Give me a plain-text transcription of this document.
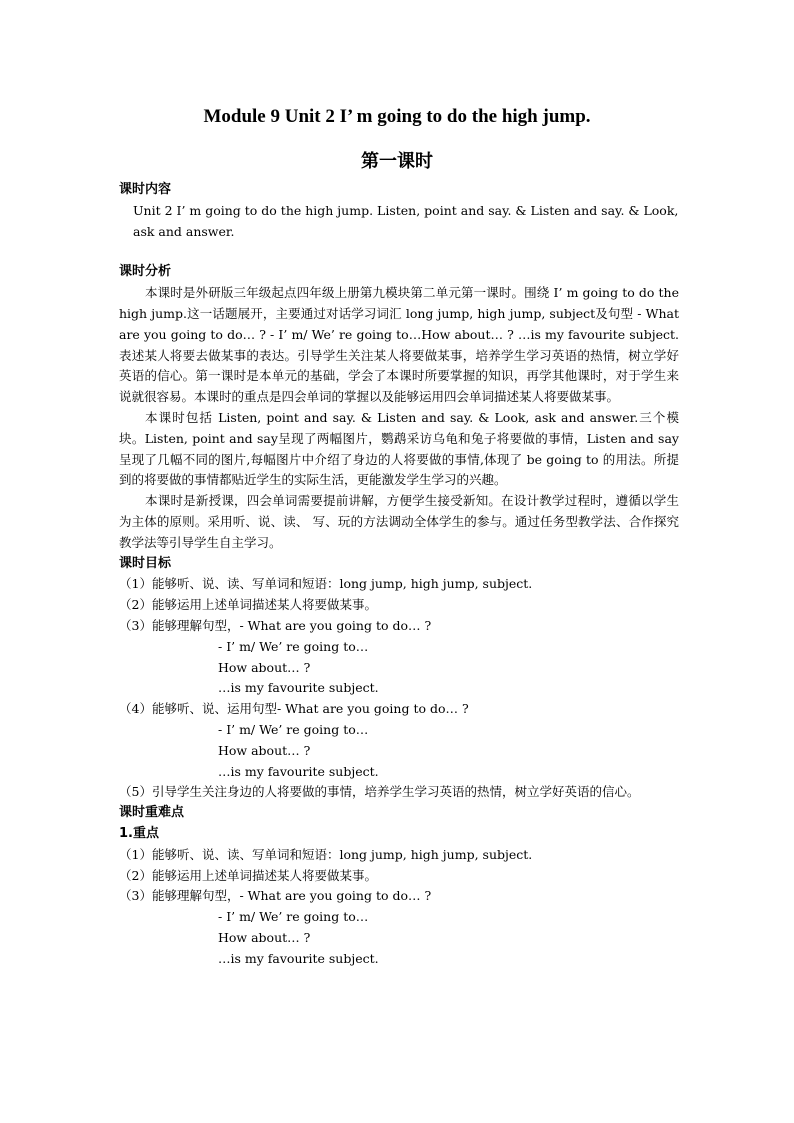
Module 9 Unit 2 I’ m going to do the high jump.
第一课时

课时内容

Unit 2 I’ m going to do the high jump. Listen, point and say. & Listen and say. & Look, ask and answer.

课时分析

本课时是外研版三年级起点四年级上册第九模块第二单元第一课时。围绕 I’ m going to do the high jump.这一话题展开，主要通过对话学习词汇 long jump, high jump, subject及句型 - What are you going to do… ? - I’ m/ We’ re going to…How about… ? …is my favourite subject. 表述某人将要去做某事的表达。引导学生关注某人将要做某事，培养学生学习英语的热情，树立学好英语的信心。第一课时是本单元的基础，学会了本课时所要掌握的知识，再学其他课时，对于学生来说就很容易。本课时的重点是四会单词的掌握以及能够运用四会单词描述某人将要做某事。

本课时包括 Listen, point and say. & Listen and say. & Look, ask and answer.三个模块。Listen, point and say呈现了两幅图片，鹦鹉采访乌龟和兔子将要做的事情，Listen and say呈现了几幅不同的图片,每幅图片中介绍了身边的人将要做的事情,体现了 be going to 的用法。所提到的将要做的事情都贴近学生的实际生活，更能激发学生学习的兴趣。

本课时是新授课，四会单词需要提前讲解，方便学生接受新知。在设计教学过程时，遵循以学生为主体的原则。采用听、说、读、 写、玩的方法调动全体学生的参与。通过任务型教学法、合作探究教学法等引导学生自主学习。

课时目标

（1）能够听、说、读、写单词和短语：long jump, high jump, subject.

（2）能够运用上述单词描述某人将要做某事。

（3）能够理解句型，- What are you going to do… ?

- I’ m/ We’ re going to…

How about… ?

…is my favourite subject.

（4）能够听、说、运用句型- What are you going to do… ?

- I’ m/ We’ re going to…

How about… ?

…is my favourite subject.

（5）引导学生关注身边的人将要做的事情，培养学生学习英语的热情，树立学好英语的信心。

课时重难点

1.重点

（1）能够听、说、读、写单词和短语：long jump, high jump, subject.

（2）能够运用上述单词描述某人将要做某事。

（3）能够理解句型，- What are you going to do… ?

- I’ m/ We’ re going to…

How about… ?

…is my favourite subject.
